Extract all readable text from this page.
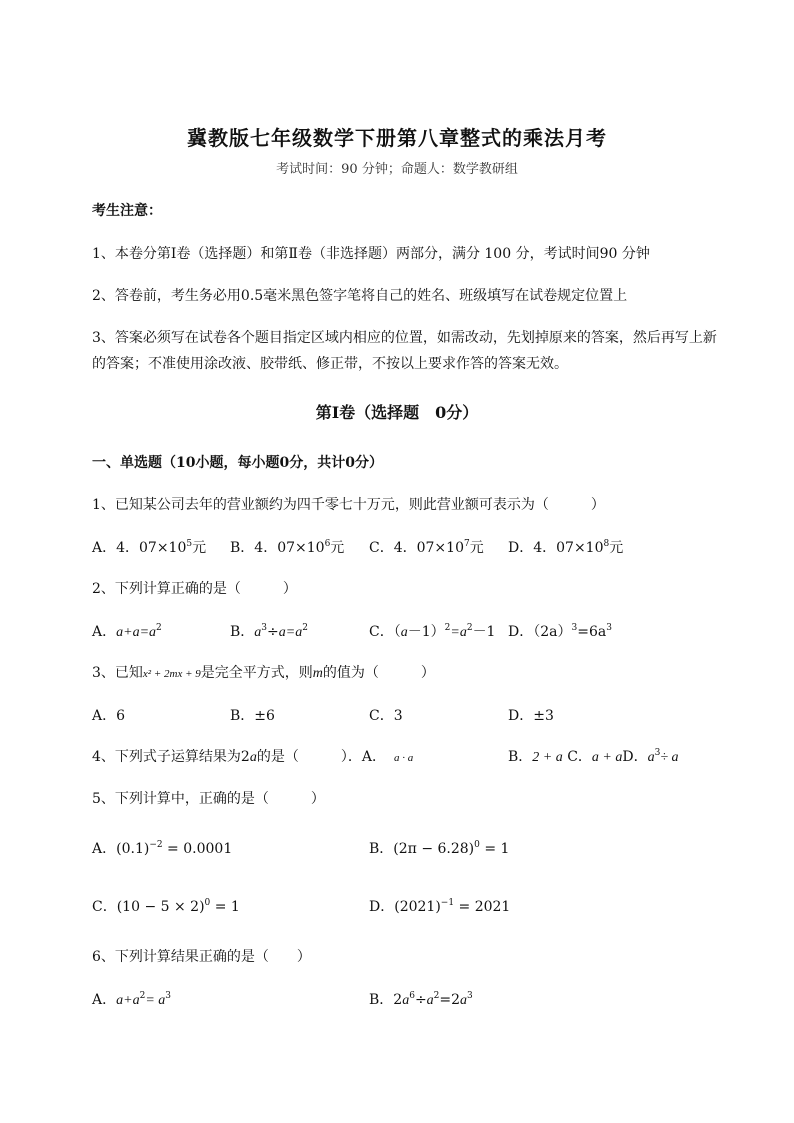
冀教版七年级数学下册第八章整式的乘法月考
考试时间：90 分钟；命题人：数学教研组
考生注意：
1、本卷分第Ⅰ卷（选择题）和第Ⅱ卷（非选择题）两部分，满分 100 分，考试时间90 分钟
2、答卷前，考生务必用0.5毫米黑色签字笔将自己的姓名、班级填写在试卷规定位置上
3、答案必须写在试卷各个题目指定区域内相应的位置，如需改动，先划掉原来的答案，然后再写上新
的答案；不准使用涂改液、胶带纸、修正带，不按以上要求作答的答案无效。
第Ⅰ卷（选择题　0分）
一、单选题（10小题，每小题0分，共计0分）
1、已知某公司去年的营业额约为四千零七十万元，则此营业额可表示为（　　　）
A．4．$07\times 10^5$元 B．4．$07\times 10^6$元 C．4．$07\times 10^7$元 D．4．$07\times 10^8$元
2、下列计算正确的是（　　　）
A．$a+a=a^2$	B．$a^3\div a=a^2$	C．$(a-1)^2=a^2-1$ D．$(2a)^3=6a^3$
3、已知x² + 2mx + 9是完全平方式，则m的值为（　　　）
A．6	B．±6	C．3	D．±3
4、下列式子运算结果为2a的是（　　　）．A． a · a	B．2 + a C．a + aD．$a^3\div a$
5、下列计算中，正确的是（　　　）
A．$(0.1)^{-2} = 0.0001$	B．$(2\pi - 6.28)^0 = 1$
C．$(10 - 5 \times 2)^0 = 1$	D．$(2021)^{-1} = 2021$
6、下列计算结果正确的是（　　）
A．$a+a^2= a^3$	B．$2a^6\div a^2=2a^3$
